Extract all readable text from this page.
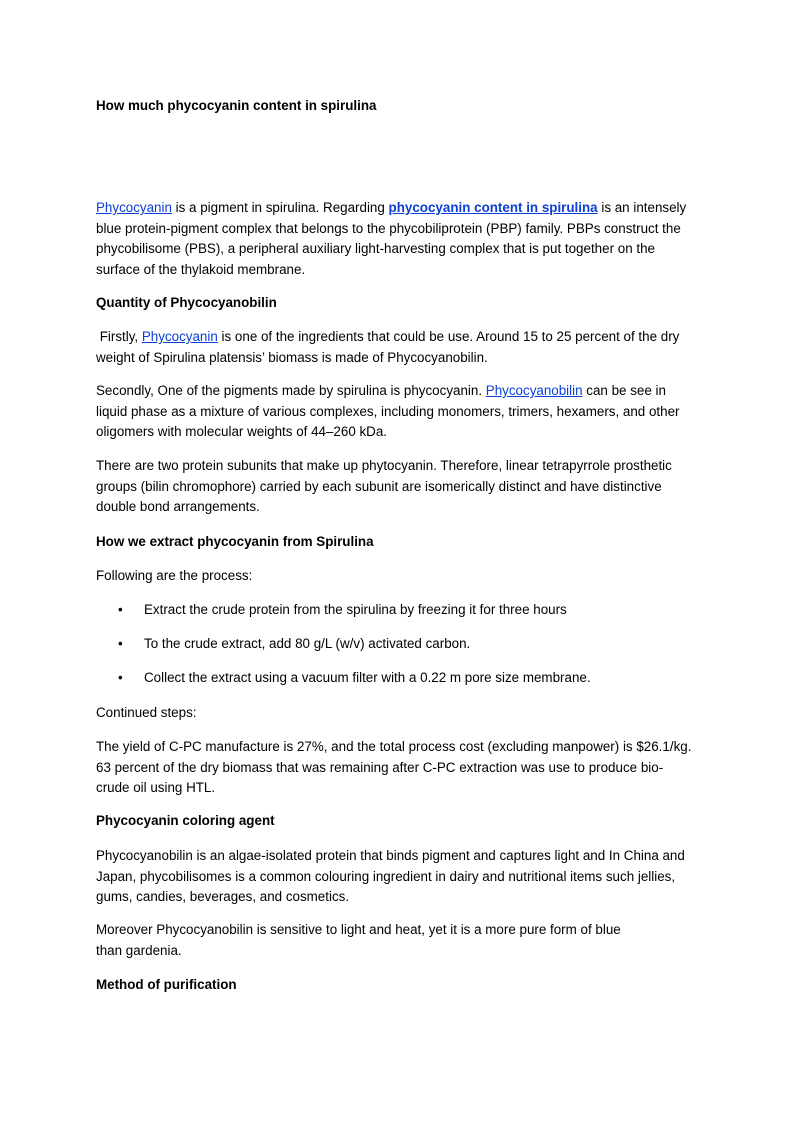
How much phycocyanin content in spirulina

Phycocyanin is a pigment in spirulina. Regarding phycocyanin content in spirulina is an intensely blue protein-pigment complex that belongs to the phycobiliprotein (PBP) family. PBPs construct the phycobilisome (PBS), a peripheral auxiliary light-harvesting complex that is put together on the surface of the thylakoid membrane.

Quantity of Phycocyanobilin

Firstly, Phycocyanin is one of the ingredients that could be use. Around 15 to 25 percent of the dry weight of Spirulina platensis’ biomass is made of Phycocyanobilin.

Secondly, One of the pigments made by spirulina is phycocyanin. Phycocyanobilin can be see in liquid phase as a mixture of various complexes, including monomers, trimers, hexamers, and other oligomers with molecular weights of 44–260 kDa.

There are two protein subunits that make up phytocyanin. Therefore, linear tetrapyrrole prosthetic groups (bilin chromophore) carried by each subunit are isomerically distinct and have distinctive double bond arrangements.

How we extract phycocyanin from Spirulina

Following are the process:

• Extract the crude protein from the spirulina by freezing it for three hours
• To the crude extract, add 80 g/L (w/v) activated carbon.
• Collect the extract using a vacuum filter with a 0.22 m pore size membrane.

Continued steps:

The yield of C-PC manufacture is 27%, and the total process cost (excluding manpower) is $26.1/kg. 63 percent of the dry biomass that was remaining after C-PC extraction was use to produce bio-crude oil using HTL.

Phycocyanin coloring agent

Phycocyanobilin is an algae-isolated protein that binds pigment and captures light and In China and Japan, phycobilisomes is a common colouring ingredient in dairy and nutritional items such jellies, gums, candies, beverages, and cosmetics.

Moreover Phycocyanobilin is sensitive to light and heat, yet it is a more pure form of blue than gardenia.

Method of purification
